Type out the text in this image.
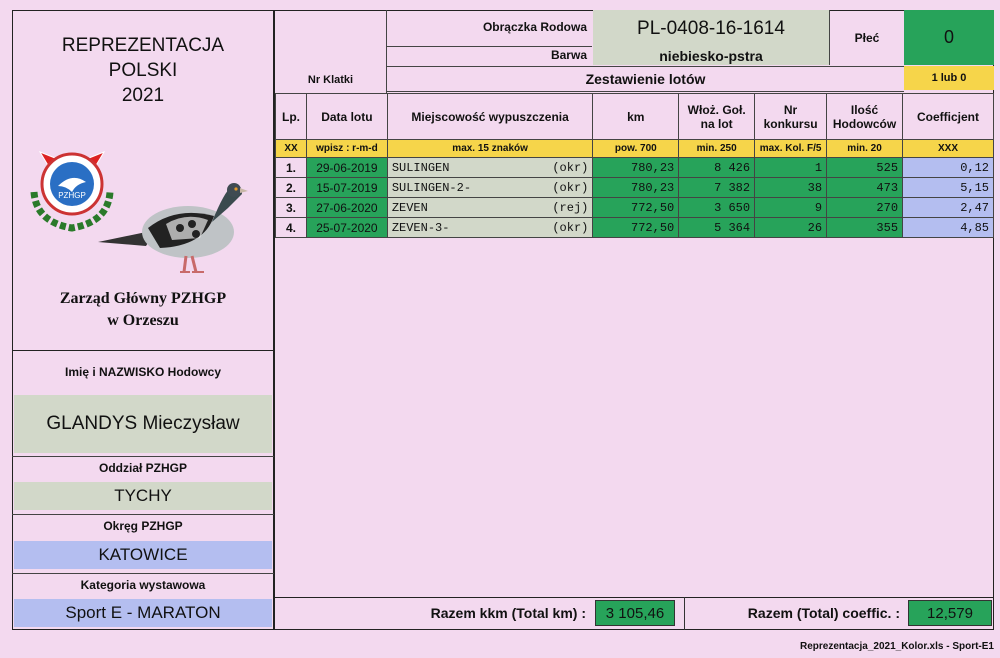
REPREZENTACJA
POLSKI
2021
PZHGP
Zarząd Główny PZHGP
w Orzeszu
Imię i NAZWISKO Hodowcy
GLANDYS Mieczysław
Oddział PZHGP
TYCHY
Okręg PZHGP
KATOWICE
Kategoria wystawowa
Sport E - MARATON
Nr Klatki
Obrączka Rodowa	PL-0408-16-1614	Płeć	0
Barwa	niebiesko-pstra
Zestawienie lotów	1 lub 0
Lp.	Data lotu	Miejscowość wypuszczenia	km	Włoż. Goł. na lot	Nr konkursu	Ilość Hodowców	Coefficjent
XX	wpisz : r-m-d	max. 15 znaków	pow. 700	min. 250	max. Kol. F/5	min. 20	XXX
1.	29-06-2019	SULINGEN (okr)	780,23	8 426	1	525	0,12
2.	15-07-2019	SULINGEN-2- (okr)	780,23	7 382	38	473	5,15
3.	27-06-2020	ZEVEN (rej)	772,50	3 650	9	270	2,47
4.	25-07-2020	ZEVEN-3- (okr)	772,50	5 364	26	355	4,85
Razem kkm (Total km) :	3 105,46	Razem (Total) coeffic. :	12,579
Reprezentacja_2021_Kolor.xls - Sport-E1
